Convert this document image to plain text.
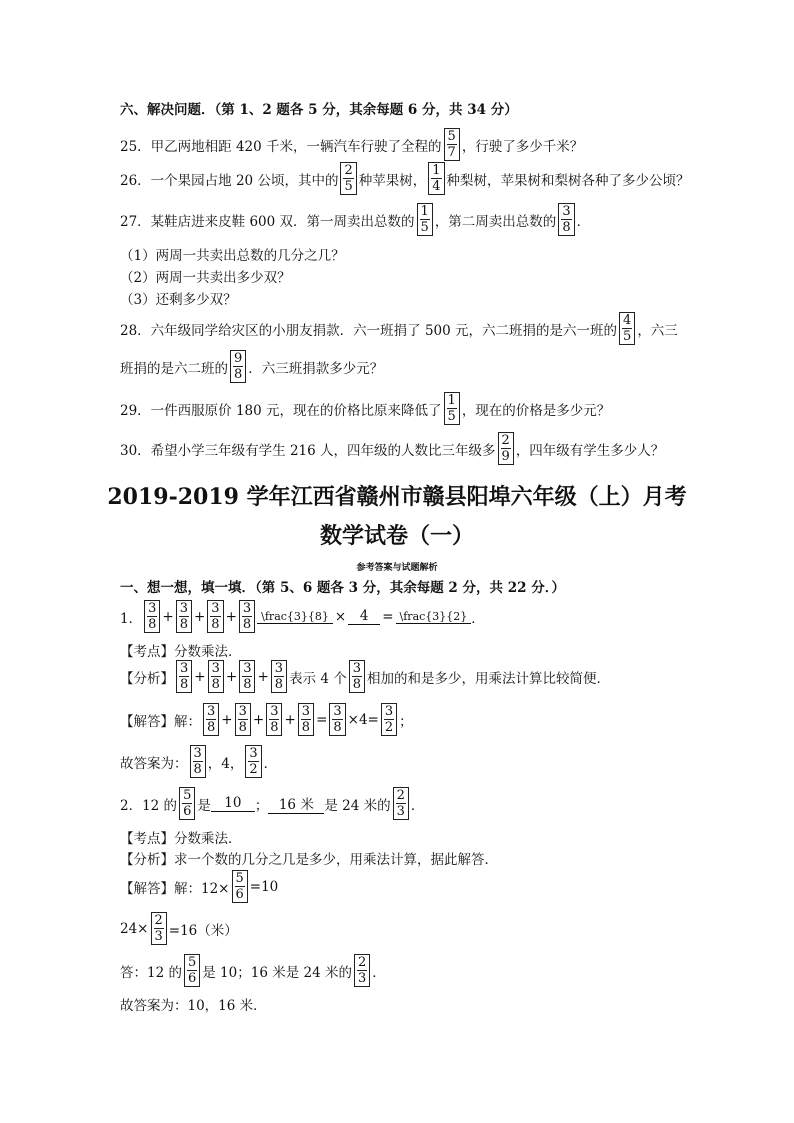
六、解决问题．（第 1、2 题各 5 分，其余每题 6 分，共 34 分）
25．甲乙两地相距 420 千米，一辆汽车行驶了全程的 $\frac{5}{7}$ ，行驶了多少千米？
26．一个果园占地 20 公顷，其中的 $\frac{2}{5}$ 种苹果树， $\frac{1}{4}$ 种梨树，苹果树和梨树各种了多少公顷？
27．某鞋店进来皮鞋 600 双．第一周卖出总数的 $\frac{1}{5}$ ，第二周卖出总数的 $\frac{3}{8}$ ．
（1）两周一共卖出总数的几分之几？
（2）两周一共卖出多少双？
（3）还剩多少双？
28．六年级同学给灾区的小朋友捐款．六一班捐了 500 元，六二班捐的是六一班的 $\frac{4}{5}$ ，六三
班捐的是六二班的 $\frac{9}{8}$ ．六三班捐款多少元？
29．一件西服原价 180 元，现在的价格比原来降低了 $\frac{1}{5}$ ，现在的价格是多少元？
30．希望小学三年级有学生 216 人，四年级的人数比三年级多 $\frac{2}{9}$ ，四年级有学生多少人？
2019-2019 学年江西省赣州市赣县阳埠六年级（上）月考
数学试卷（一）
参考答案与试题解析
一、想一想，填一填．（第 5、6 题各 3 分，其余每题 2 分，共 22 分．）
1． $\frac{3}{8} + \frac{3}{8} + \frac{3}{8} + \frac{3}{8}$ \frac{3}{8} ×	4	= \frac{3}{2} ．
【考点】 分数乘法．
【分析】 $\frac{3}{8} + \frac{3}{8} + \frac{3}{8} + \frac{3}{8}$ 表示 4 个 $\frac{3}{8}$ 相加的和是多少，用乘法计算比较简便．
【解答】 解： $\frac{3}{8} + \frac{3}{8} + \frac{3}{8} + \frac{3}{8} = \frac{3}{8} \times 4= \frac{3}{2}$ ；
故答案为： $\frac{3}{8}$ ，4， $\frac{3}{2}$ ．
2．12 的 $\frac{5}{6}$ 是 10 ； 16 米 是 24 米的 $\frac{2}{3}$ ．
【考点】 分数乘法．
【分析】 求一个数的几分之几是多少，用乘法计算，据此解答．
【解答】 解：$12\times \frac{5}{6} =10$
$24\times \frac{2}{3} =16$（米）
答：12 的 $\frac{5}{6}$ 是 10；16 米是 24 米的 $\frac{2}{3}$ ．
故答案为：10，16 米．
